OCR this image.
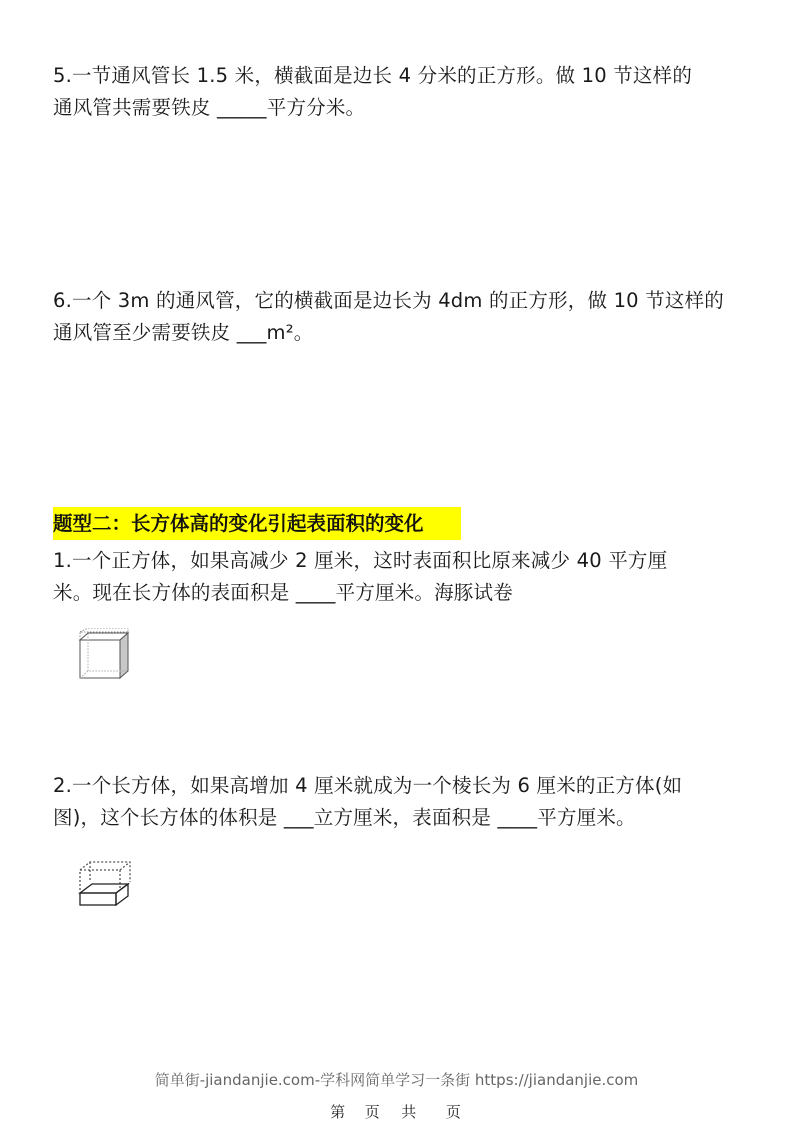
5.一节通风管长 1.5 米，横截面是边长 4 分米的正方形。做 10 节这样的
通风管共需要铁皮 _____平方分米。
6.一个 3m 的通风管，它的横截面是边长为 4dm 的正方形，做 10 节这样的
通风管至少需要铁皮 ___m²。
题型二：长方体高的变化引起表面积的变化
1.一个正方体，如果高减少 2 厘米，这时表面积比原来减少 40 平方厘
米。现在长方体的表面积是 ____平方厘米。海豚试卷
2.一个长方体，如果高增加 4 厘米就成为一个棱长为 6 厘米的正方体(如
图)，这个长方体的体积是 ___立方厘米，表面积是 ____平方厘米。
简单街-jiandanjie.com-学科网简单学习一条街 https://jiandanjie.com
第 页 共 页
